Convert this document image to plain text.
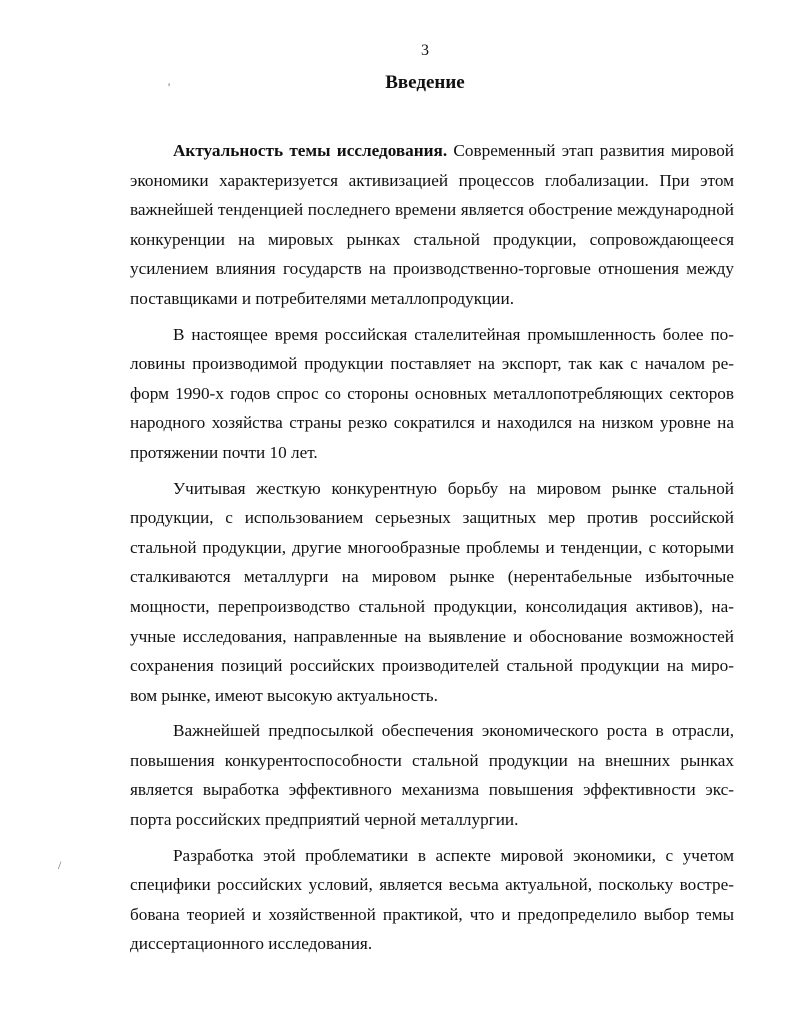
3
Введение
'
/

Актуальность темы исследования. Современный этап развития мировой экономики характеризуется активизацией процессов глобализации. При этом важнейшей тенденцией последнего времени является обострение международной конкуренции на мировых рынках стальной продукции, сопровождающееся усилением влияния государств на производственно-торговые отношения между поставщиками и потребителями металлопродукции.

В настоящее время российская сталелитейная промышленность более половины производимой продукции поставляет на экспорт, так как с началом реформ 1990-х годов спрос со стороны основных металлопотребляющих секторов народного хозяйства страны резко сократился и находился на низком уровне на протяжении почти 10 лет.

Учитывая жесткую конкурентную борьбу на мировом рынке стальной продукции, с использованием серьезных защитных мер против российской стальной продукции, другие многообразные проблемы и тенденции, с которыми сталкиваются металлурги на мировом рынке (нерентабельные избыточные мощности, перепроизводство стальной продукции, консолидация активов), научные исследования, направленные на выявление и обоснование возможностей сохранения позиций российских производителей стальной продукции на мировом рынке, имеют высокую актуальность.

Важнейшей предпосылкой обеспечения экономического роста в отрасли, повышения конкурентоспособности стальной продукции на внешних рынках является выработка эффективного механизма повышения эффективности экспорта российских предприятий черной металлургии.

Разработка этой проблематики в аспекте мировой экономики, с учетом специфики российских условий, является весьма актуальной, поскольку востребована теорией и хозяйственной практикой, что и предопределило выбор темы диссертационного исследования.
